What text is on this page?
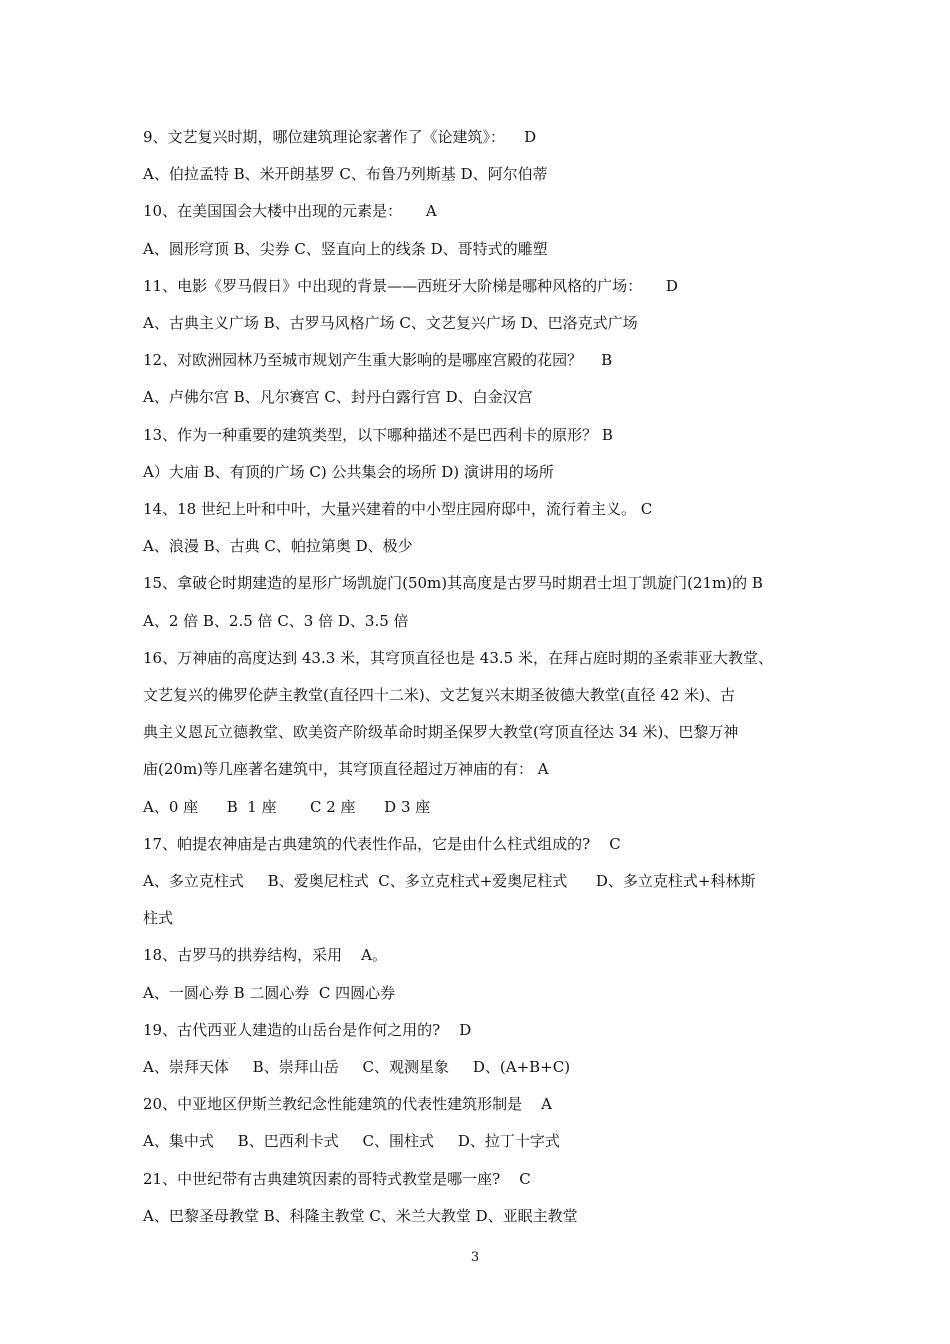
9、文艺复兴时期，哪位建筑理论家著作了《论建筑》：    D

A、伯拉孟特 B、米开朗基罗 C、布鲁乃列斯基 D、阿尔伯蒂

10、在美国国会大楼中出现的元素是：     A

A、圆形穹顶 B、尖券 C、竖直向上的线条 D、哥特式的雕塑

11、电影《罗马假日》中出现的背景——西班牙大阶梯是哪种风格的广场：     D

A、古典主义广场 B、古罗马风格广场 C、文艺复兴广场 D、巴洛克式广场

12、对欧洲园林乃至城市规划产生重大影响的是哪座宫殿的花园？    B

A、卢佛尔宫 B、凡尔赛宫 C、封丹白露行宫 D、白金汉宫

13、作为一种重要的建筑类型，以下哪种描述不是巴西利卡的原形？ B

A）大庙 B、有顶的广场 C) 公共集会的场所 D) 演讲用的场所

14、18 世纪上叶和中叶，大量兴建着的中小型庄园府邸中，流行着主义。 C

A、浪漫 B、古典 C、帕拉第奥 D、极少

15、拿破仑时期建造的星形广场凯旋门(50m)其高度是古罗马时期君士坦丁凯旋门(21m)的 B

A、2 倍 B、2.5 倍 C、3 倍 D、3.5 倍

16、万神庙的高度达到 43.3 米，其穹顶直径也是 43.5 米，在拜占庭时期的圣索菲亚大教堂、

文艺复兴的佛罗伦萨主教堂(直径四十二米)、文艺复兴末期圣彼德大教堂(直径 42 米)、古

典主义恩瓦立德教堂、欧美资产阶级革命时期圣保罗大教堂(穹顶直径达 34 米)、巴黎万神

庙(20m)等几座著名建筑中，其穹顶直径超过万神庙的有： A

A、0 座      B  1 座       C 2 座      D 3 座

17、帕提农神庙是古典建筑的代表性作品，它是由什么柱式组成的?    C

A、多立克柱式     B、爱奥尼柱式  C、多立克柱式+爱奥尼柱式      D、多立克柱式+科林斯

柱式

18、古罗马的拱券结构，采用    A。

A、一圆心券 B 二圆心券  C 四圆心券

19、古代西亚人建造的山岳台是作何之用的?    D

A、崇拜天体     B、崇拜山岳     C、观测星象     D、(A+B+C)

20、中亚地区伊斯兰教纪念性能建筑的代表性建筑形制是    A

A、集中式     B、巴西利卡式     C、围柱式     D、拉丁十字式

21、中世纪带有古典建筑因素的哥特式教堂是哪一座?    C

A、巴黎圣母教堂 B、科隆主教堂 C、米兰大教堂 D、亚眠主教堂

3
